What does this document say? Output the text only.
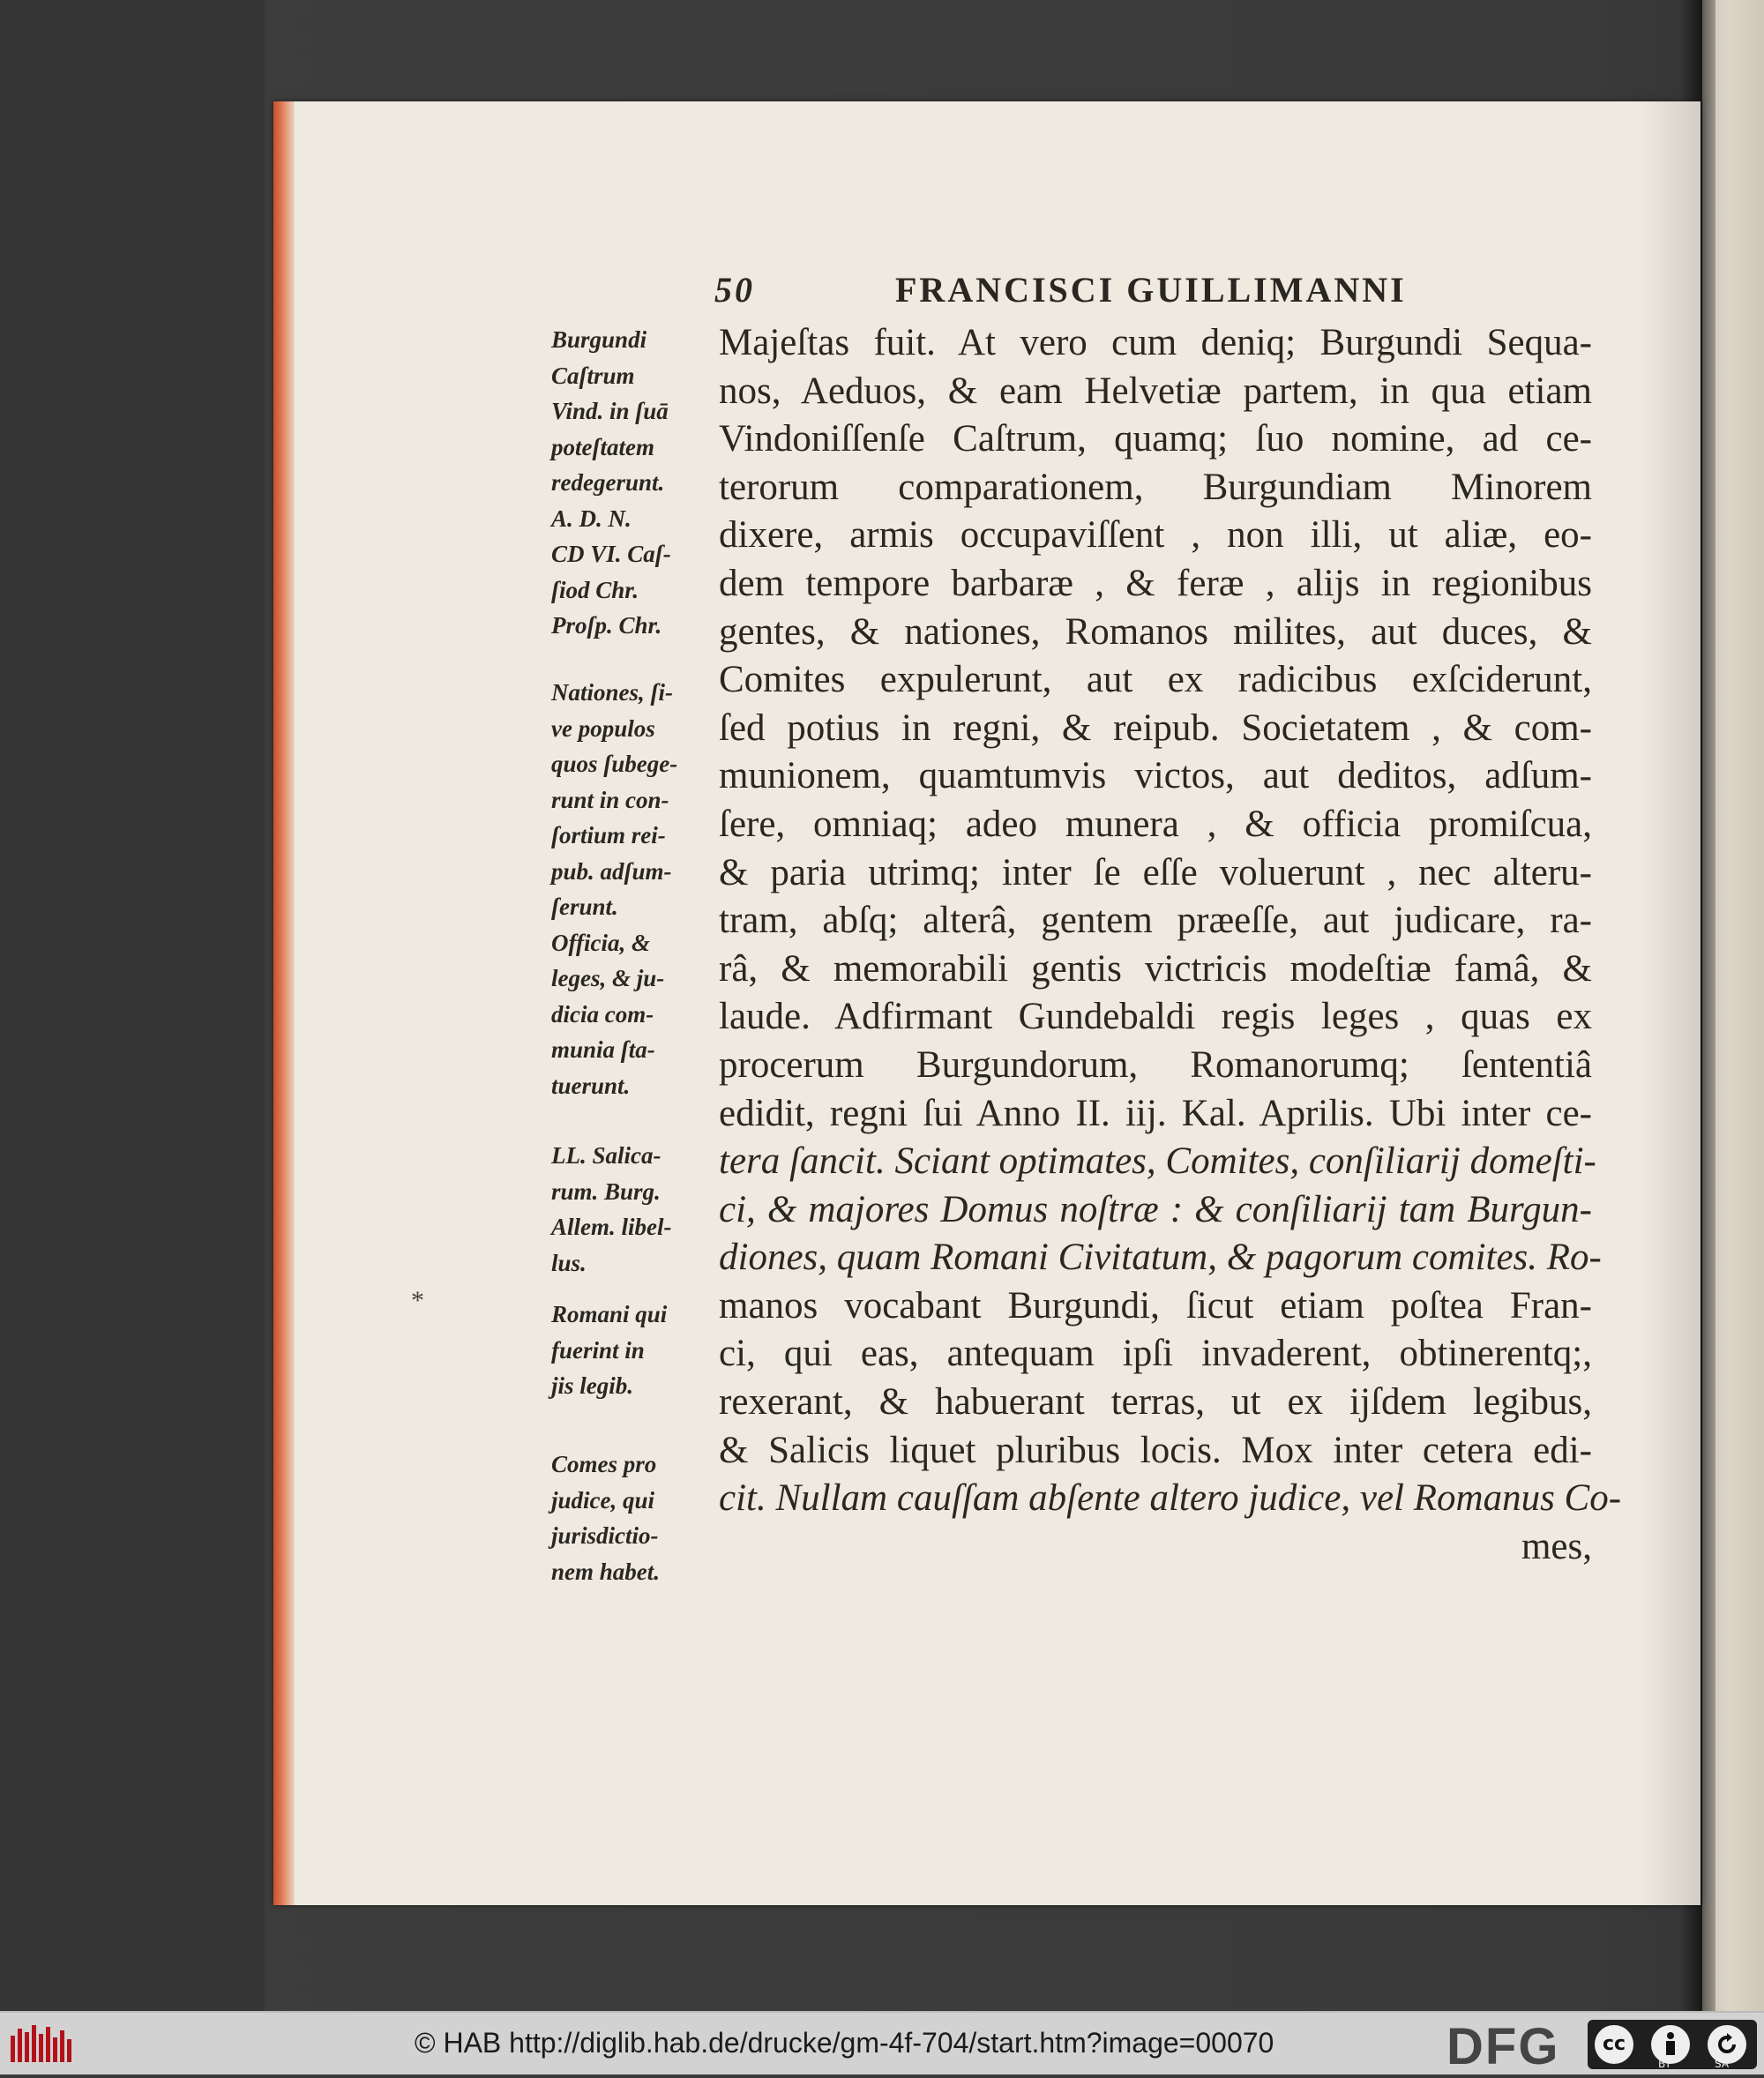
*
50	FRANCISCI GUILLIMANNI
Burgundi
Caſtrum
Vind. in ſuā
poteſtatem
redegerunt.
A. D. N.
CD VI. Caſ-
ſiod Chr.
Proſp. Chr.
Nationes, ſi-
ve populos
quos ſubege-
runt in con-
ſortium rei-
pub. adſum-
ſerunt.
Officia, &
leges, & ju-
dicia com-
munia ſta-
tuerunt.
LL. Salica-
rum. Burg.
Allem. libel-
lus.
Romani qui
fuerint in
jis legib.
Comes pro
judice, qui
jurisdictio-
nem habet.
Majeſtas fuit. At vero cum deniq; Burgundi Sequa-
nos, Aeduos, & eam Helvetiæ partem, in qua etiam
Vindoniſſenſe Caſtrum, quamq; ſuo nomine, ad ce-
terorum comparationem, Burgundiam Minorem
dixere, armis occupaviſſent , non illi, ut aliæ, eo-
dem tempore barbaræ , & feræ , alijs in regionibus
gentes, & nationes, Romanos milites, aut duces, &
Comites expulerunt, aut ex radicibus exſciderunt,
ſed potius in regni, & reipub. Societatem , & com-
munionem, quamtumvis victos, aut deditos, adſum-
ſere, omniaq; adeo munera , & officia promiſcua,
& paria utrimq; inter ſe eſſe voluerunt , nec alteru-
tram, abſq; alterâ, gentem præeſſe, aut judicare, ra-
râ, & memorabili gentis victricis modeſtiæ famâ, &
laude. Adfirmant Gundebaldi regis leges , quas ex
procerum Burgundorum, Romanorumq; ſententiâ
edidit, regni ſui Anno II. iij. Kal. Aprilis. Ubi inter ce-
tera ſancit. Sciant optimates, Comites, conſiliarij domeſti-
ci, & majores Domus noſtræ : & conſiliarij tam Burgun-
diones, quam Romani Civitatum, & pagorum comites. Ro-
manos vocabant Burgundi, ſicut etiam poſtea Fran-
ci, qui eas, antequam ipſi invaderent, obtinerentq;,
rexerant, & habuerant terras, ut ex ijſdem legibus,
& Salicis liquet pluribus locis. Mox inter cetera edi-
cit. Nullam cauſſam abſente altero judice, vel Romanus Co-
mes,
© HAB http://diglib.hab.de/drucke/gm-4f-704/start.htm?image=00070	DFG	cc
BY	SA
